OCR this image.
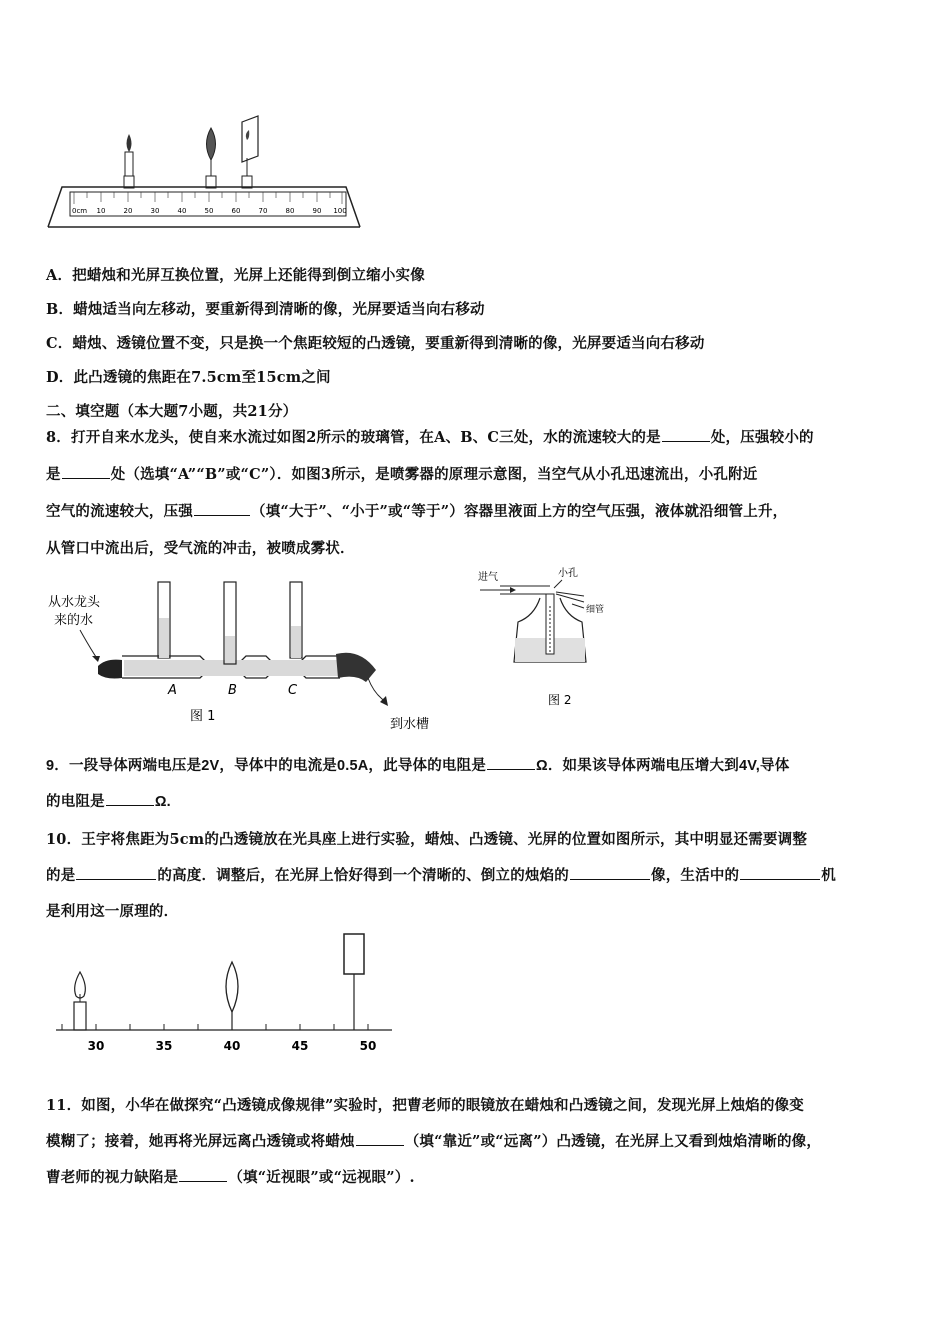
0cm 10	20	30	40	50	60	70	80	90 100
A．把蜡烛和光屏互换位置，光屏上还能得到倒立缩小实像
B．蜡烛适当向左移动，要重新得到清晰的像，光屏要适当向右移动
C．蜡烛、透镜位置不变，只是换一个焦距较短的凸透镜，要重新得到清晰的像，光屏要适当向右移动
D．此凸透镜的焦距在7.5cm至15cm之间
二、填空题（本大题7小题，共21分）
8．打开自来水龙头，使自来水流过如图2所示的玻璃管，在A、B、C三处，水的流速较大的是	处，压强较小的
是	处（选填“A”“B”或“C”）．如图3所示，是喷雾器的原理示意图，当空气从小孔迅速流出，小孔附近
空气的流速较大，压强	（填“大于”、“小于”或“等于”）容器里液面上方的空气压强，液体就沿细管上升，
从管口中流出后，受气流的冲击，被喷成雾状．
从水龙头
来的水
A	B	C
图 1
到水槽
进气	小孔
细管
图 2
9．一段导体两端电压是2V，导体中的电流是0.5A，此导体的电阻是	Ω．如果该导体两端电压增大到4V,导体
的电阻是	Ω.
10．王宇将焦距为5cm的凸透镜放在光具座上进行实验，蜡烛、凸透镜、光屏的位置如图所示，其中明显还需要调整
的是	的高度．调整后，在光屏上恰好得到一个清晰的、倒立的烛焰的	像，生活中的	机
是利用这一原理的．
30	35	40	45	50
11．如图，小华在做探究“凸透镜成像规律”实验时，把曹老师的眼镜放在蜡烛和凸透镜之间，发现光屏上烛焰的像变
模糊了；接着，她再将光屏远离凸透镜或将蜡烛	（填“靠近”或“远离”）凸透镜，在光屏上又看到烛焰清晰的像，
曹老师的视力缺陷是	（填“近视眼”或“远视眼”）.
